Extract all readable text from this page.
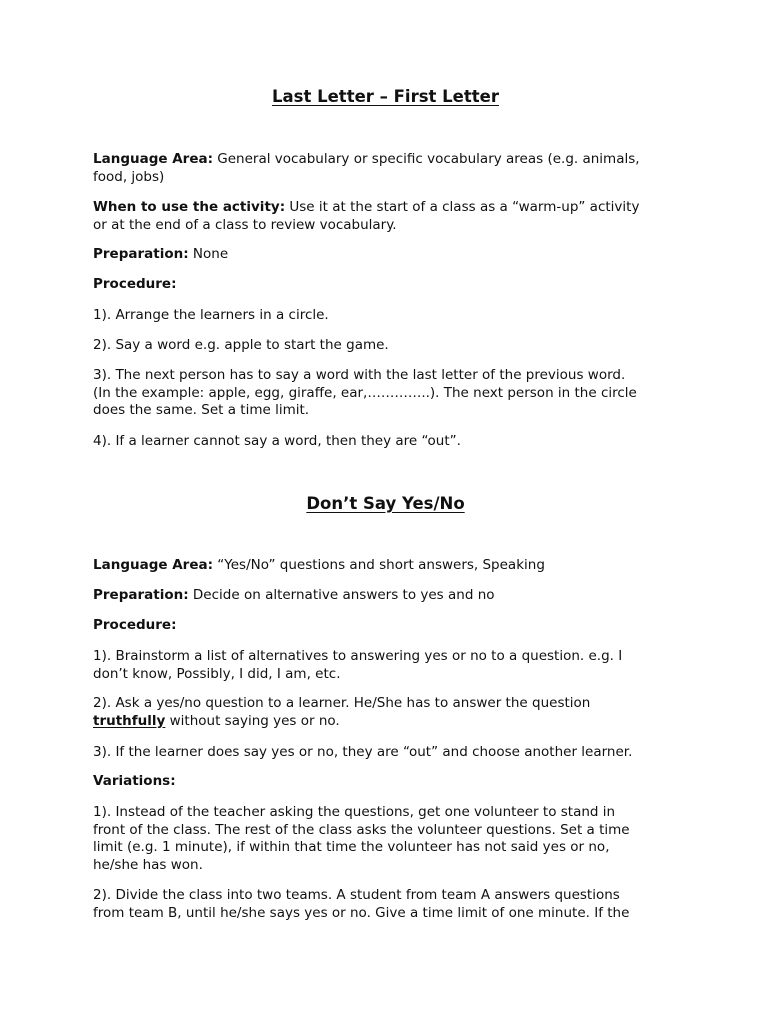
Last Letter – First Letter

Language Area: General vocabulary or specific vocabulary areas (e.g. animals,
food, jobs)

When to use the activity: Use it at the start of a class as a “warm-up” activity
or at the end of a class to review vocabulary.

Preparation: None

Procedure:

1). Arrange the learners in a circle.

2). Say a word e.g. apple to start the game.

3). The next person has to say a word with the last letter of the previous word.
(In the example: apple, egg, giraffe, ear,…………..). The next person in the circle
does the same. Set a time limit.

4). If a learner cannot say a word, then they are “out”.

Don’t Say Yes/No

Language Area: “Yes/No” questions and short answers, Speaking

Preparation: Decide on alternative answers to yes and no

Procedure:

1). Brainstorm a list of alternatives to answering yes or no to a question. e.g. I
don’t know, Possibly, I did, I am, etc.

2). Ask a yes/no question to a learner. He/She has to answer the question
truthfully without saying yes or no.

3). If the learner does say yes or no, they are “out” and choose another learner.

Variations:

1). Instead of the teacher asking the questions, get one volunteer to stand in
front of the class. The rest of the class asks the volunteer questions. Set a time
limit (e.g. 1 minute), if within that time the volunteer has not said yes or no,
he/she has won.

2). Divide the class into two teams. A student from team A answers questions
from team B, until he/she says yes or no. Give a time limit of one minute. If the
